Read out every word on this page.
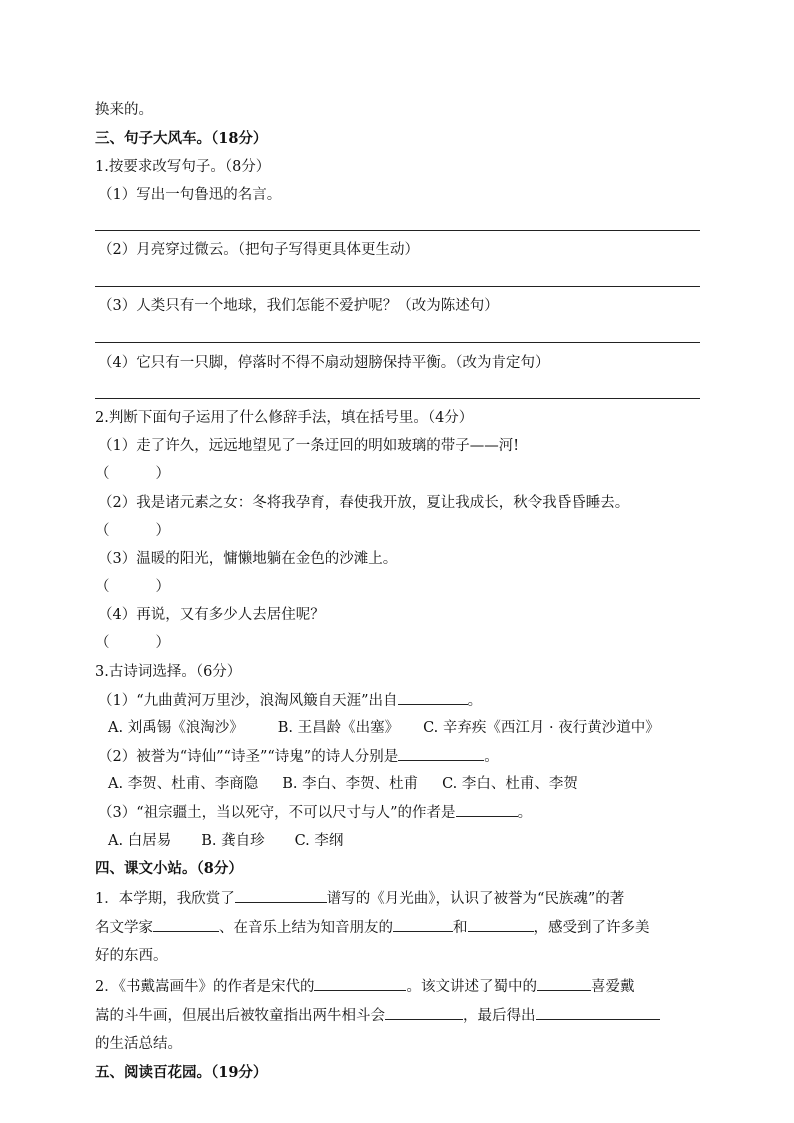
换来的。
三、句子大风车。（18分）
1.按要求改写句子。（8分）
（1）写出一句鲁迅的名言。
（2）月亮穿过微云。（把句子写得更具体更生动）
（3）人类只有一个地球，我们怎能不爱护呢？（改为陈述句）
（4）它只有一只脚，停落时不得不扇动翅膀保持平衡。（改为肯定句）
2.判断下面句子运用了什么修辞手法，填在括号里。（4分）
（1）走了许久，远远地望见了一条迂回的明如玻璃的带子——河!
（	）
（2）我是诸元素之女：冬将我孕育，春使我开放，夏让我成长，秋令我昏昏睡去。
（	）
（3）温暖的阳光，慵懒地躺在金色的沙滩上。
（	）
（4）再说，又有多少人去居住呢？
（	）
3.古诗词选择。（6分）
（1）“九曲黄河万里沙，浪淘风簸自天涯”出自	。
A. 刘禹锡《浪淘沙》 B. 王昌龄《出塞》 C. 辛弃疾《西江月 · 夜行黄沙道中》
（2）被誉为“诗仙”“诗圣”“诗鬼”的诗人分别是	。
A. 李贺、杜甫、李商隐 B. 李白、李贺、杜甫 C. 李白、杜甫、李贺
（3）“祖宗疆土，当以死守，不可以尺寸与人”的作者是	。
A. 白居易 B. 龚自珍 C. 李纲
四、课文小站。（8分）
1．本学期，我欣赏了	谱写的《月光曲》，认识了被誉为“民族魂”的著
名文学家	、在音乐上结为知音朋友的	和	，感受到了许多美
好的东西。
2．《书戴嵩画牛》的作者是宋代的	。该文讲述了蜀中的	喜爱戴
嵩的斗牛画，但展出后被牧童指出两牛相斗会	，最后得出
的生活总结。
五、阅读百花园。（19分）
